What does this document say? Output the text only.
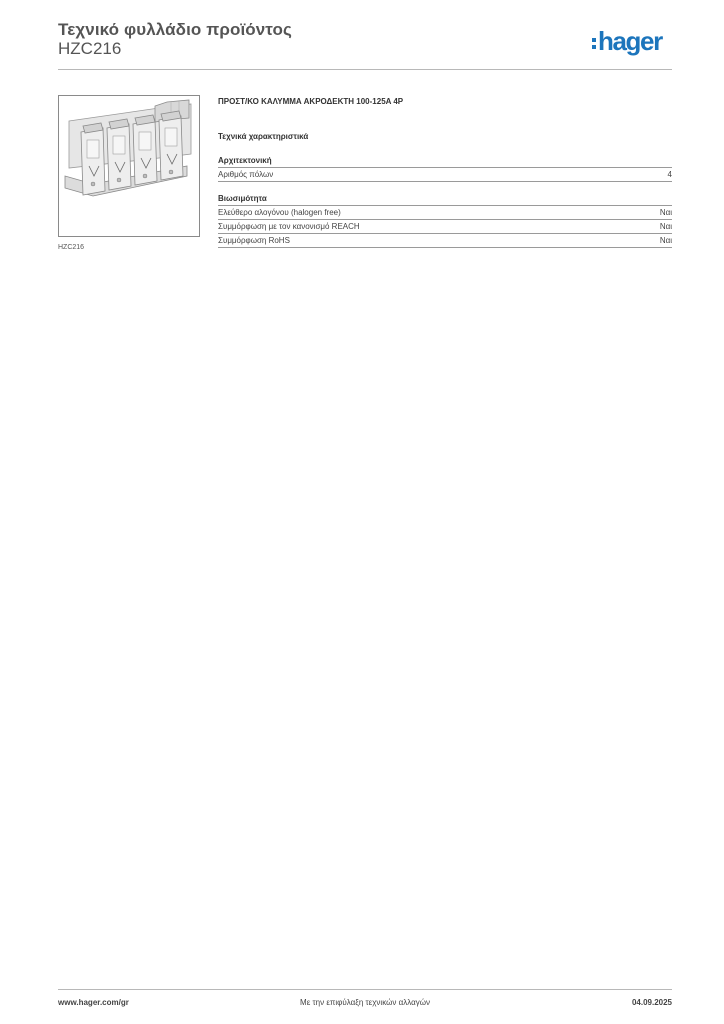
Τεχνικό φυλλάδιο προϊόντος
HZC216	hager
HZC216
ΠΡΟΣΤ/ΚΟ ΚΑΛΥΜΜΑ ΑΚΡΟΔΕΚΤΗ 100-125A 4P
Τεχνικά χαρακτηριστικά
Αρχιτεκτονική
Αριθμός πόλων	4
Βιωσιμότητα
Ελεύθερο αλογόνου (halogen free)	Ναι
Συμμόρφωση με τον κανονισμό REACH	Ναι
Συμμόρφωση RoHS	Ναι
www.hager.com/gr	Με την επιφύλαξη τεχνικών αλλαγών	04.09.2025
